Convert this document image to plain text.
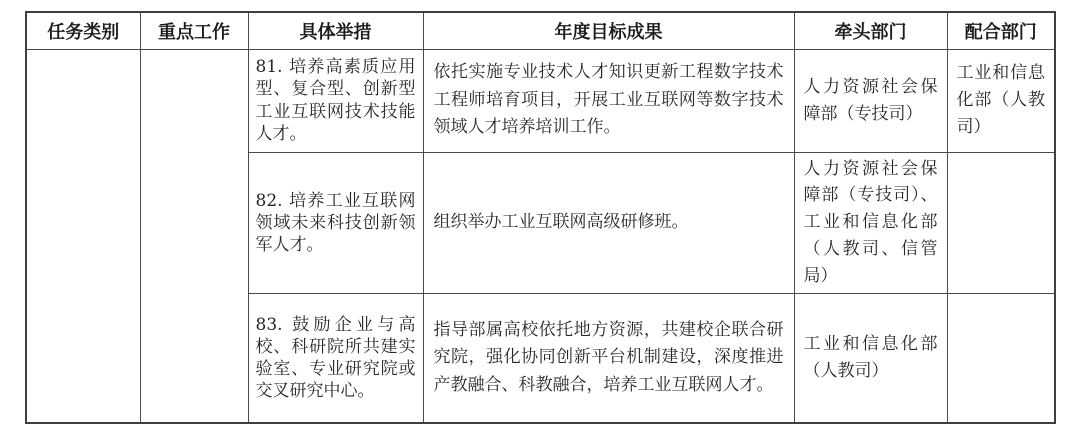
任务类别	重点工作	具体举措	年度目标成果	牵头部门	配合部门
		81. 培养高素质应用型、复合型、创新型工业互联网技术技能人才。	依托实施专业技术人才知识更新工程数字技术工程师培育项目，开展工业互联网等数字技术领域人才培养培训工作。	人力资源社会保障部（专技司）	工业和信息化部（人教司）
		82. 培养工业互联网领域未来科技创新领军人才。	组织举办工业互联网高级研修班。	人力资源社会保障部（专技司）、工业和信息化部（人教司、信管局）	
		83. 鼓励企业与高校、科研院所共建实验室、专业研究院或交叉研究中心。	指导部属高校依托地方资源，共建校企联合研究院，强化协同创新平台机制建设，深度推进产教融合、科教融合，培养工业互联网人才。	工业和信息化部（人教司）	
